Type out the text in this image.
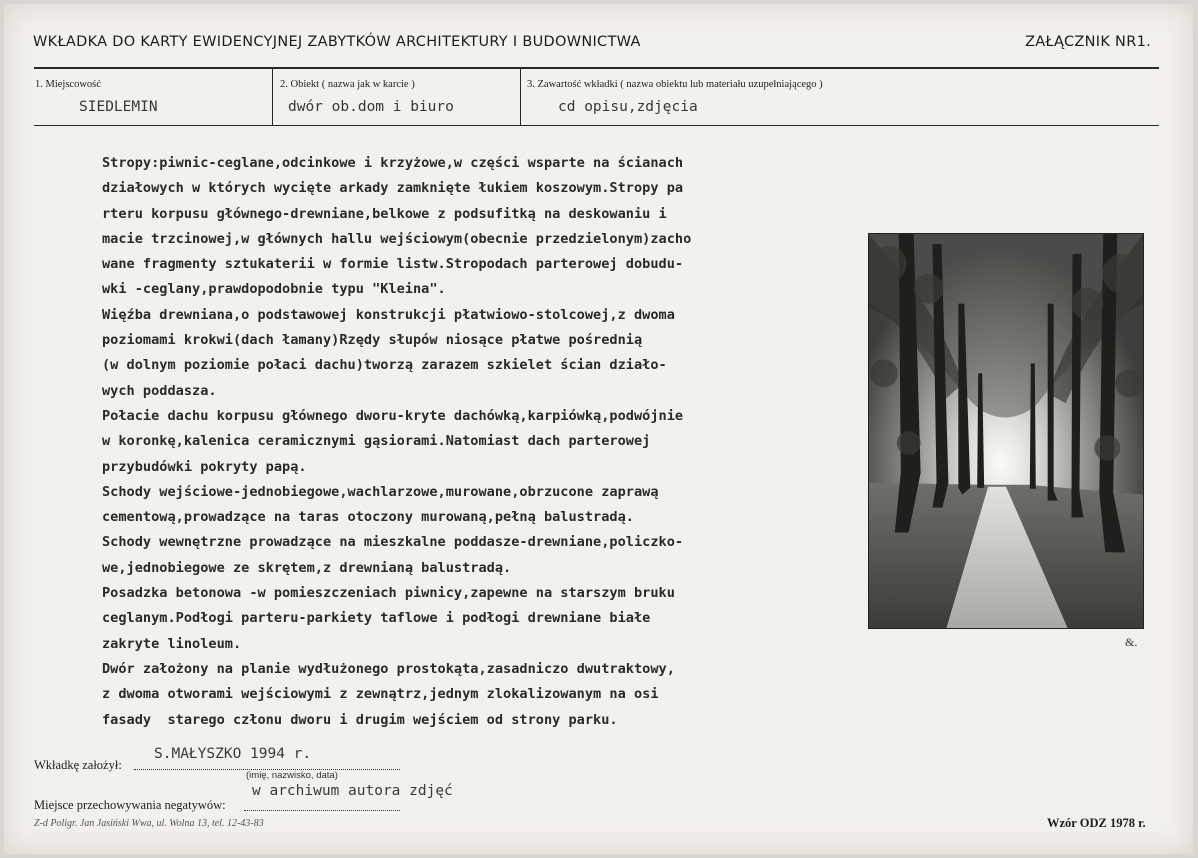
WKŁADKA DO KARTY EWIDENCYJNEJ ZABYTKÓW ARCHITEKTURY I BUDOWNICTWA	ZAŁĄCZNIK NR1.
1. Miejscowość
SIEDLEMIN
2. Obiekt ( nazwa jak w karcie )
dwór ob.dom i biuro
3. Zawartość wkładki ( nazwa obiektu lub materiału uzupełniającego )
cd opisu,zdjęcia
Stropy:piwnic-ceglane,odcinkowe i krzyżowe,w części wsparte na ścianach
działowych w których wycięte arkady zamknięte łukiem koszowym.Stropy pa
rteru korpusu głównego-drewniane,belkowe z podsufitką na deskowaniu i
macie trzcinowej,w głównych hallu wejściowym(obecnie przedzielonym)zacho
wane fragmenty sztukaterii w formie listw.Stropodach parterowej dobudu-
wki -ceglany,prawdopodobnie typu "Kleina".
Więźba drewniana,o podstawowej konstrukcji płatwiowo-stolcowej,z dwoma
poziomami krokwi(dach łamany)Rzędy słupów niosące płatwe pośrednią
(w dolnym poziomie połaci dachu)tworzą zarazem szkielet ścian działo-
wych poddasza.
Połacie dachu korpusu głównego dworu-kryte dachówką,karpiówką,podwójnie
w koronkę,kalenica ceramicznymi gąsiorami.Natomiast dach parterowej
przybudówki pokryty papą.
Schody wejściowe-jednobiegowe,wachlarzowe,murowane,obrzucone zaprawą
cementową,prowadzące na taras otoczony murowaną,pełną balustradą.
Schody wewnętrzne prowadzące na mieszkalne poddasze-drewniane,policzko-
we,jednobiegowe ze skrętem,z drewnianą balustradą.
Posadzka betonowa -w pomieszczeniach piwnicy,zapewne na starszym bruku
ceglanym.Podłogi parteru-parkiety taflowe i podłogi drewniane białe
zakryte linoleum.
Dwór założony na planie wydłużonego prostokąta,zasadniczo dwutraktowy,
z dwoma otworami wejściowymi z zewnątrz,jednym zlokalizowanym na osi
fasady  starego członu dworu i drugim wejściem od strony parku.
&.
Wkładkę założył:
S.MAŁYSZKO 1994 r.
(imię, nazwisko, data)
Miejsce przechowywania negatywów:
w archiwum autora zdjęć
Z-d Poligr. Jan Jasiński Wwa, ul. Wolna 13, tel. 12-43-83	Wzór ODZ 1978 r.
